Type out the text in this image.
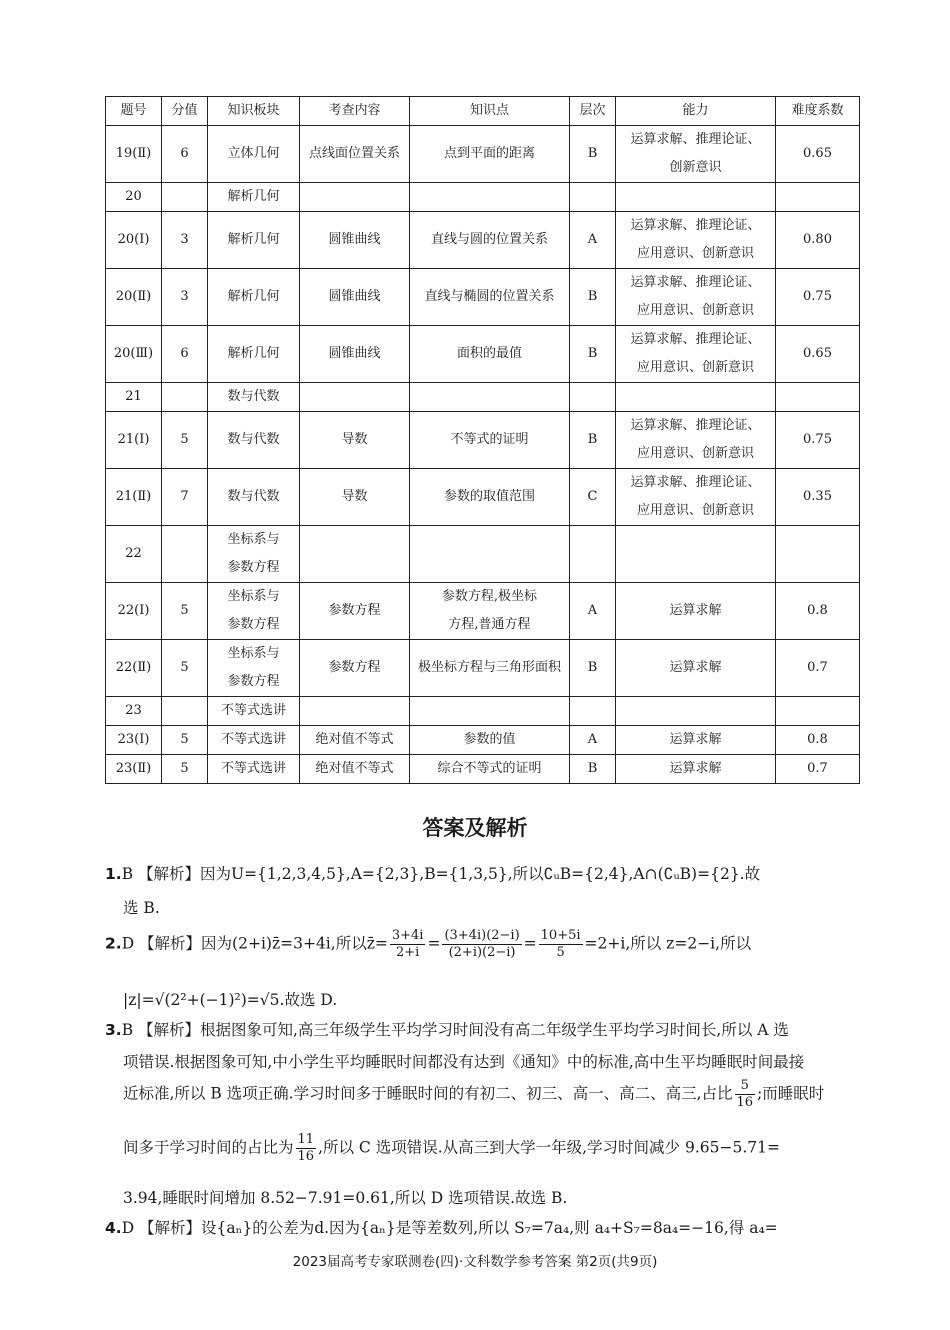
题号	分值	知识板块	考查内容	知识点	层次	能力	难度系数
19(Ⅱ)	6	立体几何	点线面位置关系	点到平面的距离	B	运算求解、推理论证、
创新意识	0.65
20		解析几何					

20(Ⅰ)	3	解析几何	圆锥曲线	直线与圆的位置关系	A	运算求解、推理论证、
应用意识、创新意识	0.80
20(Ⅱ)	3	解析几何	圆锥曲线	直线与椭圆的位置关系	B	运算求解、推理论证、
应用意识、创新意识	0.75
20(Ⅲ)	6	解析几何	圆锥曲线	面积的最值	B	运算求解、推理论证、
应用意识、创新意识	0.65
21		数与代数					

21(Ⅰ)	5	数与代数	导数	不等式的证明	B	运算求解、推理论证、
应用意识、创新意识	0.75
21(Ⅱ)	7	数与代数	导数	参数的取值范围	C	运算求解、推理论证、
应用意识、创新意识	0.35
22		坐标系与
参数方程					

22(Ⅰ)	5	坐标系与
参数方程	参数方程	参数方程,极坐标
方程,普通方程	A	运算求解	0.8
22(Ⅱ)	5	坐标系与
参数方程	参数方程	极坐标方程与三角形面积	B	运算求解	0.7
23		不等式选讲					

23(Ⅰ)	5	不等式选讲	绝对值不等式	参数的值	A	运算求解	0.8
23(Ⅱ)	5	不等式选讲	绝对值不等式	综合不等式的证明	B	运算求解	0.7
答案及解析
1.B 【解析】因为U={1,2,3,4,5},A={2,3},B={1,3,5},所以∁ᵤB={2,4},A∩(∁ᵤB)={2}.故
选 B.
2.D 【解析】因为(2+i)z̄=3+4i,所以z̄= $\frac{3+4i}{2+i} = \frac{(3+4i)(2-i)}{(2+i)(2-i)} = \frac{10+5i}{5} =2+i$,所以 z=2−i,所以
|z|=√(2²+(−1)²)=√5.故选 D.
3.B 【解析】根据图象可知,高三年级学生平均学习时间没有高二年级学生平均学习时间长,所以 A 选
项错误.根据图象可知,中小学生平均睡眠时间都没有达到《通知》中的标准,高中生平均睡眠时间最接
近标准,所以 B 选项正确.学习时间多于睡眠时间的有初二、初三、高一、高二、高三,占比 $\frac{5}{16}$ ;而睡眠时
间多于学习时间的占比为 $\frac{11}{16}$ ,所以 C 选项错误.从高三到大学一年级,学习时间减少 9.65−5.71=
3.94,睡眠时间增加 8.52−7.91=0.61,所以 D 选项错误.故选 B.
4.D 【解析】设{aₙ}的公差为d.因为{aₙ}是等差数列,所以 S₇=7a₄,则 a₄+S₇=8a₄=−16,得 a₄=
2023届高考专家联测卷(四)·文科数学参考答案 第2页(共9页)
